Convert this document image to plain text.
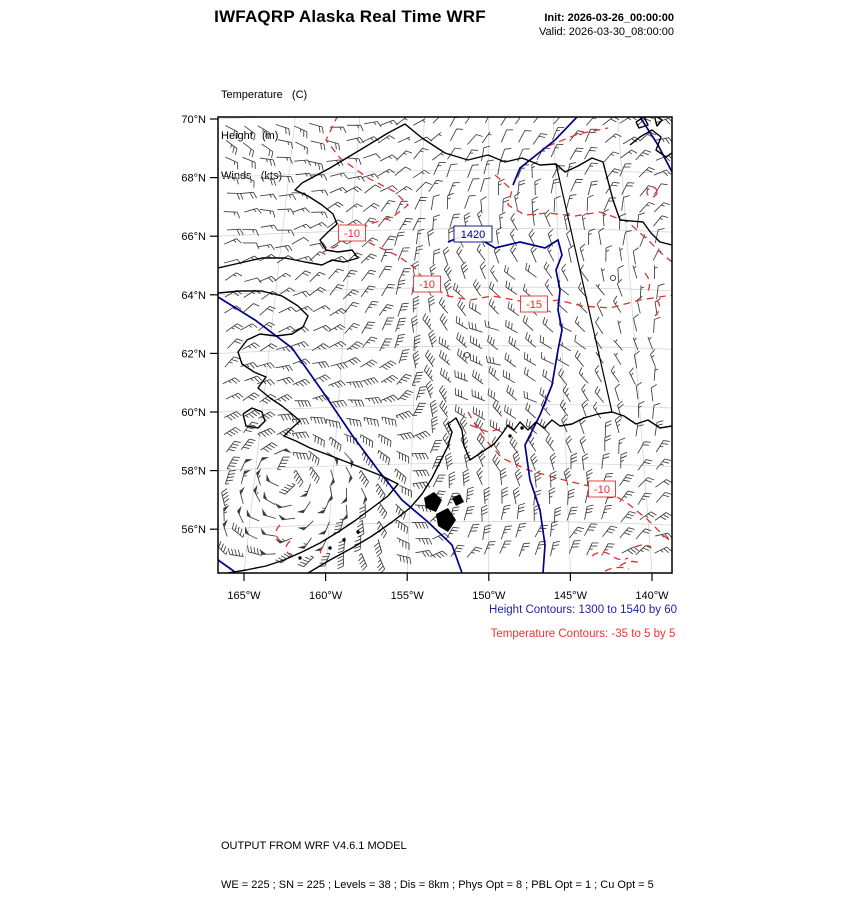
IWFAQRP Alaska Real Time WRF	Init: 2026-03-26_00:00:00
Valid: 2026-03-30_08:00:00

Temperature   (C)

Height   (m)

Winds   (kts)

1420
-10
-10
-15
-10
70°N
68°N
66°N
64°N
62°N
60°N
58°N
56°N
165°W	160°W	155°W	150°W	145°W	140°W
Height Contours: 1300 to 1540 by 60
Temperature Contours: -35 to 5 by 5

OUTPUT FROM WRF V4.6.1 MODEL

WE = 225 ; SN = 225 ; Levels = 38 ; Dis = 8km ; Phys Opt = 8 ; PBL Opt = 1 ; Cu Opt = 5
